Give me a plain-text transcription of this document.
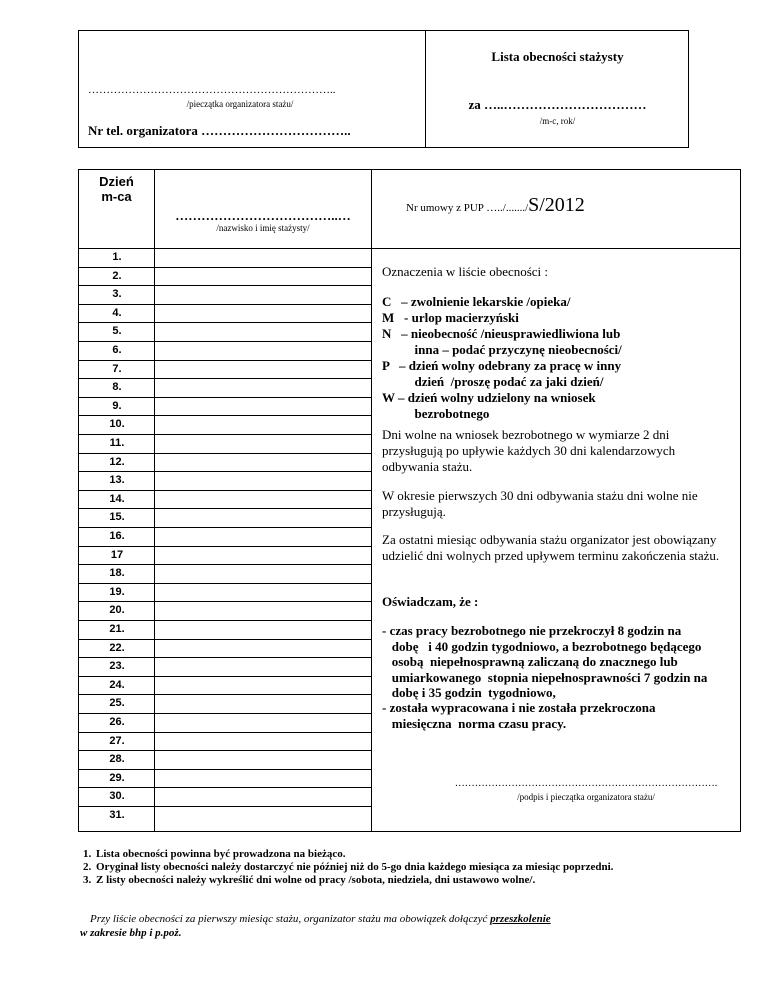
…………………………………………………………..
/pieczątka organizatora stażu/
Nr tel. organizatora ……………………………..
Lista obecności stażysty
za …..……………………………
/m-c, rok/
Dzień
m-ca
………………………………..…
/nazwisko i imię stażysty/
Nr umowy z PUP …../......./S/2012
1.
2.
3.
4.
5.
6.
7.
8.
9.
10.
11.
12.
13.
14.
15.
16.
17
18.
19.
20.
21.
22.
23.
24.
25.
26.
27.
28.
29.
30.
31.
Oznaczenia w liście obecności :
C   – zwolnienie lekarskie /opieka/
M   - urlop macierzyński
N   – nieobecność /nieusprawiedliwiona lub
inna – podać przyczynę nieobecności/
P   – dzień wolny odebrany za pracę w inny
dzień  /proszę podać za jaki dzień/
W – dzień wolny udzielony na wniosek
bezrobotnego
Dni wolne na wniosek bezrobotnego w wymiarze 2 dni przysługują po upływie każdych 30 dni kalendarzowych odbywania stażu.
W okresie pierwszych 30 dni odbywania stażu dni wolne nie przysługują.
Za ostatni miesiąc odbywania stażu organizator jest obowiązany udzielić dni wolnych przed upływem terminu zakończenia stażu.
Oświadczam, że :
- czas pracy bezrobotnego nie przekroczył 8 godzin na
dobę   i 40 godzin tygodniowo, a bezrobotnego będącego
osobą  niepełnosprawną zaliczaną do znacznego lub
umiarkowanego  stopnia niepełnosprawności 7 godzin na
dobę i 35 godzin  tygodniowo,
- została wypracowana i nie została przekroczona
miesięczna  norma czasu pracy.
…………………………………………………………………….
/podpis i pieczątka organizatora stażu/
1. Lista obecności powinna być prowadzona na bieżąco.
2. Oryginał listy obecności należy dostarczyć nie później niż do 5-go dnia każdego miesiąca za miesiąc poprzedni.
3. Z listy obecności należy wykreślić dni wolne od pracy /sobota, niedziela, dni ustawowo wolne/.
Przy liście obecności za pierwszy miesiąc stażu, organizator stażu ma obowiązek dołączyć przeszkolenie
w zakresie bhp i p.poż.
